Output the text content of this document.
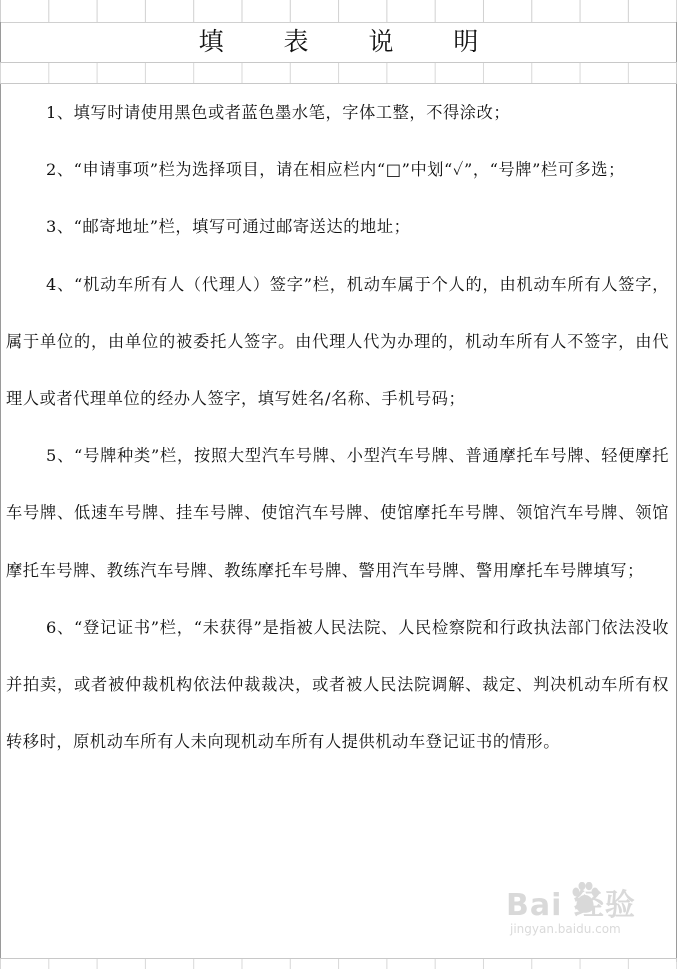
填 表 说 明

1、填写时请使用黑色或者蓝色墨水笔，字体工整，不得涂改；

2、“申请事项”栏为选择项目，请在相应栏内“□”中划“✓”，“号牌”栏可多选；

3、“邮寄地址”栏，填写可通过邮寄送达的地址；

4、“机动车所有人（代理人）签字”栏，机动车属于个人的，由机动车所有人签字，属于单位的，由单位的被委托人签字。由代理人代为办理的，机动车所有人不签字，由代理人或者代理单位的经办人签字，填写姓名/名称、手机号码；

5、“号牌种类”栏，按照大型汽车号牌、小型汽车号牌、普通摩托车号牌、轻便摩托车号牌、低速车号牌、挂车号牌、使馆汽车号牌、使馆摩托车号牌、领馆汽车号牌、领馆摩托车号牌、教练汽车号牌、教练摩托车号牌、警用汽车号牌、警用摩托车号牌填写；

6、“登记证书”栏，“未获得”是指被人民法院、人民检察院和行政执法部门依法没收并拍卖，或者被仲裁机构依法仲裁裁决，或者被人民法院调解、裁定、判决机动车所有权转移时，原机动车所有人未向现机动车所有人提供机动车登记证书的情形。

Bai 经验
jingyan.baidu.com
